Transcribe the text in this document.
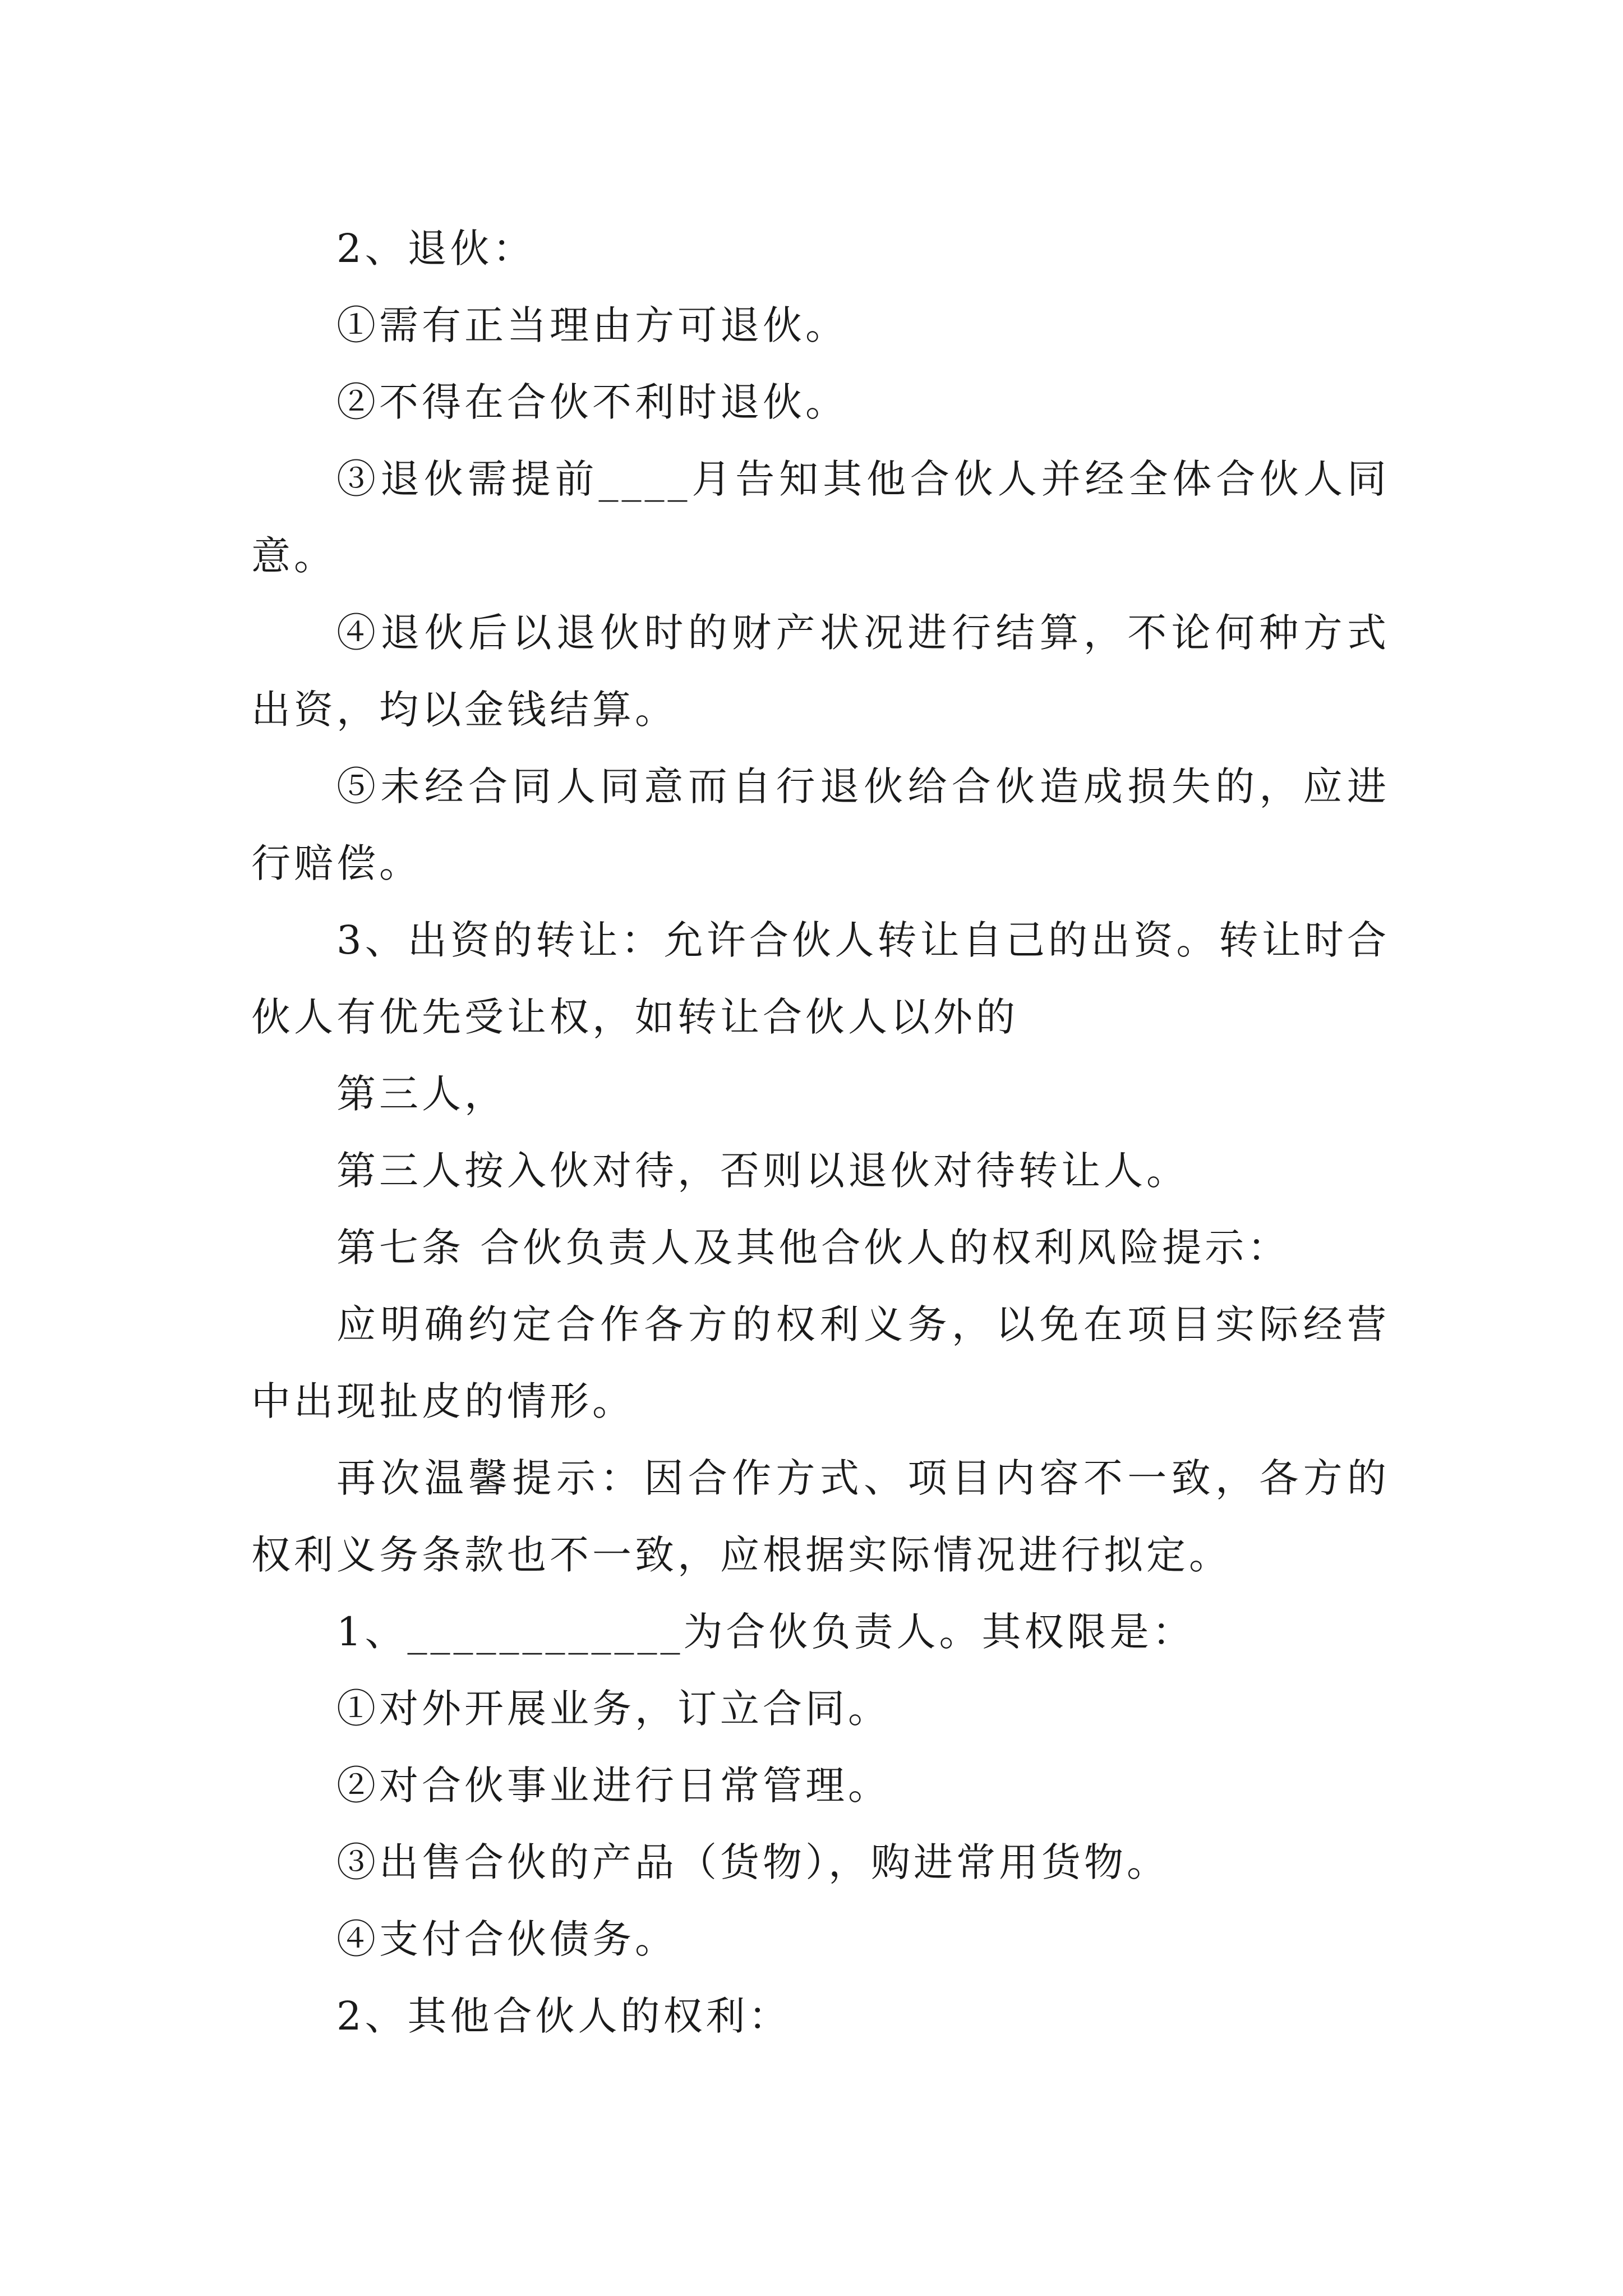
2、退伙：

①需有正当理由方可退伙。

②不得在合伙不利时退伙。

③退伙需提前____月告知其他合伙人并经全体合伙人同意。

④退伙后以退伙时的财产状况进行结算，不论何种方式出资，均以金钱结算。

⑤未经合同人同意而自行退伙给合伙造成损失的，应进行赔偿。

3、出资的转让：允许合伙人转让自己的出资。转让时合伙人有优先受让权，如转让合伙人以外的

第三人，

第三人按入伙对待，否则以退伙对待转让人。

第七条 合伙负责人及其他合伙人的权利风险提示：

应明确约定合作各方的权利义务，以免在项目实际经营中出现扯皮的情形。

再次温馨提示：因合作方式、项目内容不一致，各方的权利义务条款也不一致，应根据实际情况进行拟定。

1、____________为合伙负责人。其权限是：

①对外开展业务，订立合同。

②对合伙事业进行日常管理。

③出售合伙的产品（货物），购进常用货物。

④支付合伙债务。

2、其他合伙人的权利：
